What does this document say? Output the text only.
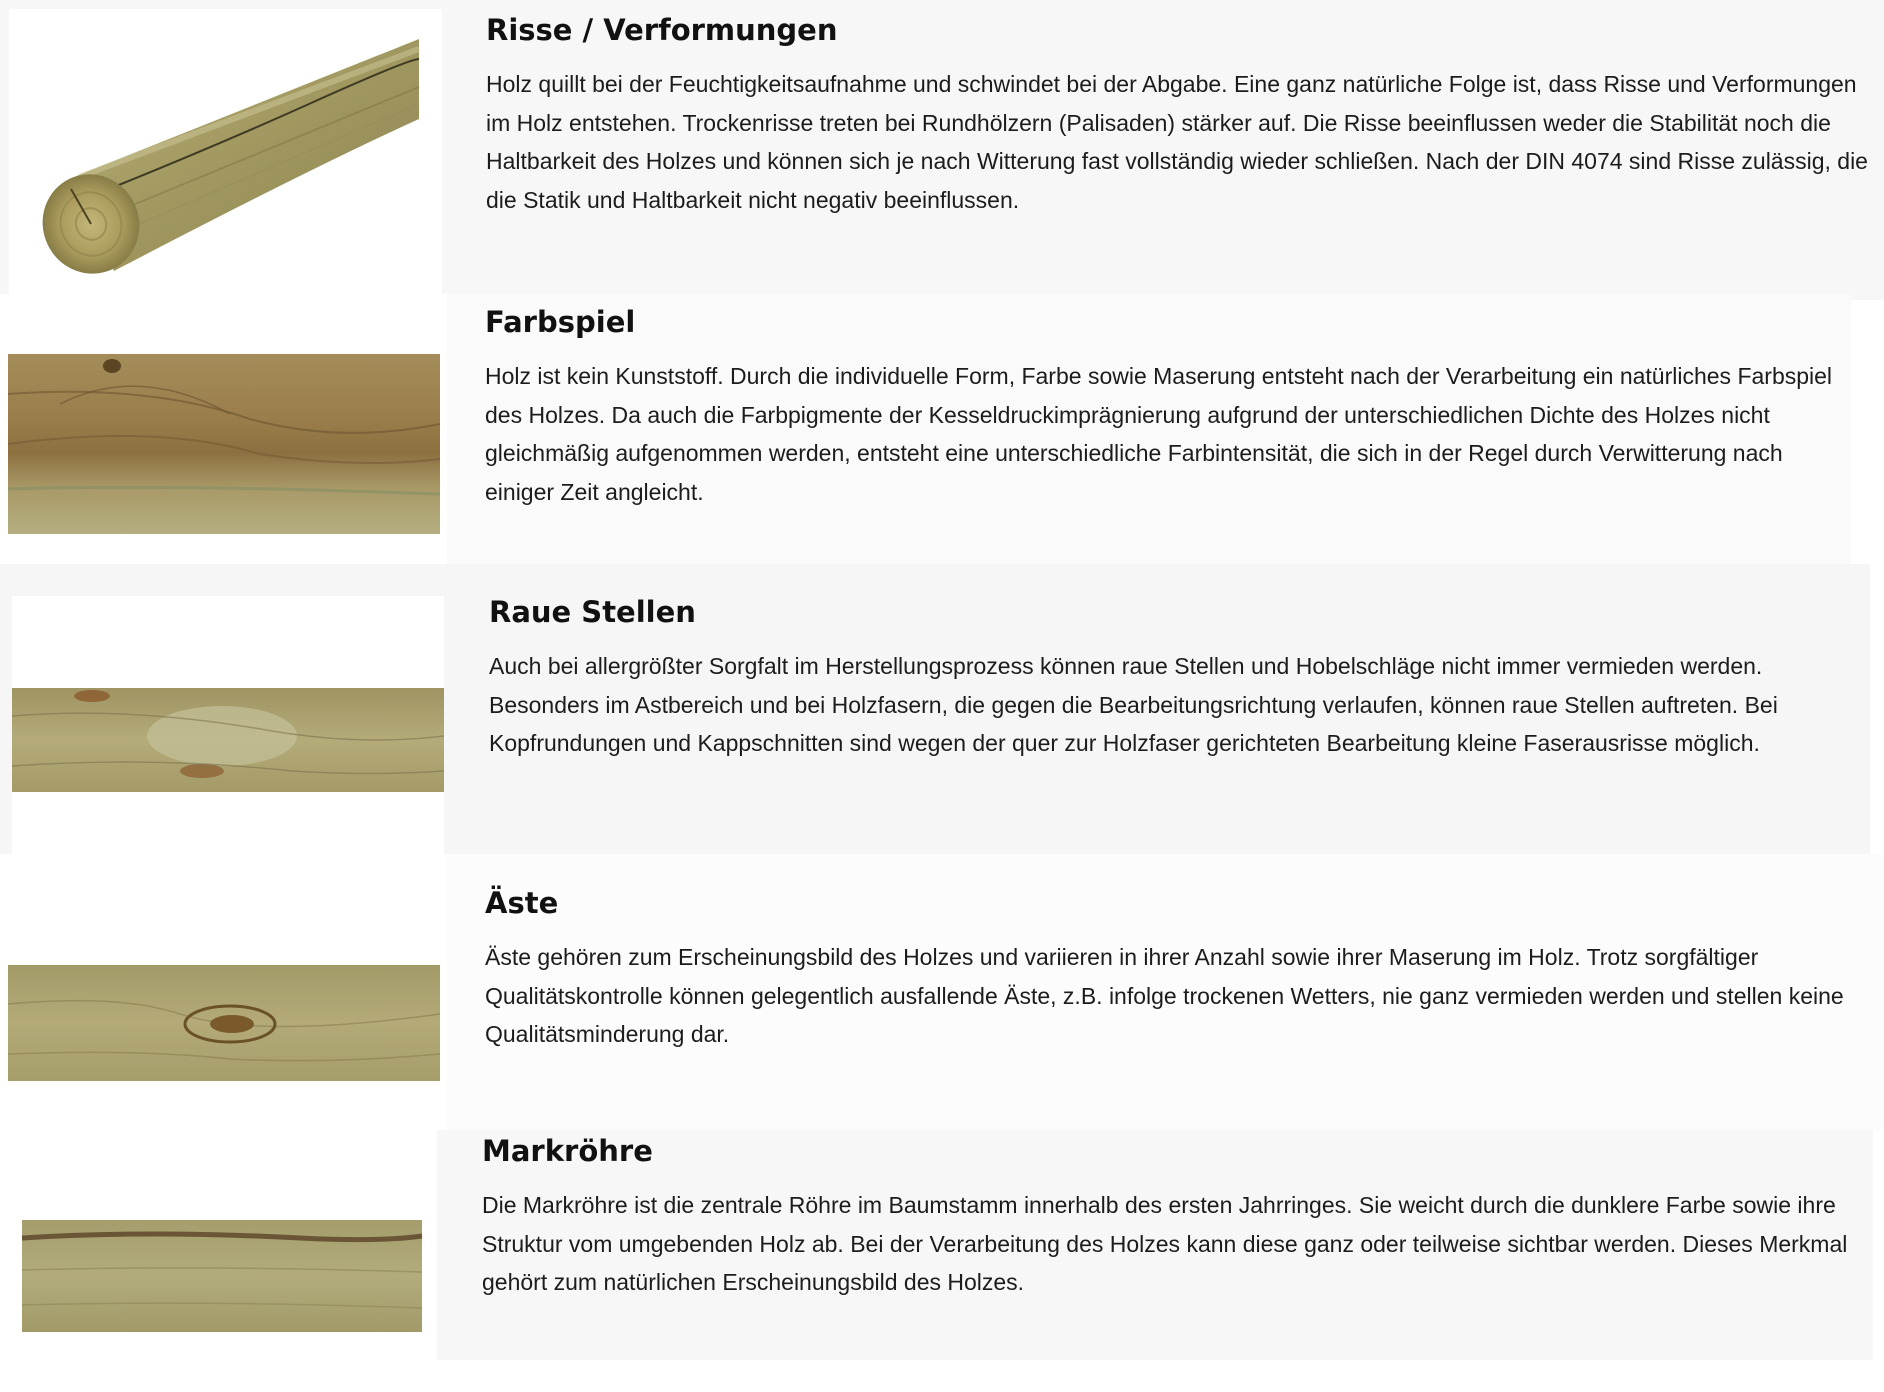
Risse / Verformungen

Holz quillt bei der Feuchtigkeitsaufnahme und schwindet bei der Abgabe. Eine ganz natürliche Folge ist, dass Risse und Verformungen im Holz entstehen. Trockenrisse treten bei Rundhölzern (Palisaden) stärker auf. Die Risse beeinflussen weder die Stabilität noch die Haltbarkeit des Holzes und können sich je nach Witterung fast vollständig wieder schließen. Nach der DIN 4074 sind Risse zulässig, die die Statik und Haltbarkeit nicht negativ beeinflussen.

Farbspiel

Holz ist kein Kunststoff. Durch die individuelle Form, Farbe sowie Maserung entsteht nach der Verarbeitung ein natürliches Farbspiel des Holzes. Da auch die Farbpigmente der Kesseldruckimprägnierung aufgrund der unterschiedlichen Dichte des Holzes nicht gleichmäßig aufgenommen werden, entsteht eine unterschiedliche Farbintensität, die sich in der Regel durch Verwitterung nach einiger Zeit angleicht.

Raue Stellen

Auch bei allergrößter Sorgfalt im Herstellungsprozess können raue Stellen und Hobelschläge nicht immer vermieden werden. Besonders im Astbereich und bei Holzfasern, die gegen die Bearbeitungsrichtung verlaufen, können raue Stellen auftreten. Bei Kopfrundungen und Kappschnitten sind wegen der quer zur Holzfaser gerichteten Bearbeitung kleine Faserausrisse möglich.

Äste

Äste gehören zum Erscheinungsbild des Holzes und variieren in ihrer Anzahl sowie ihrer Maserung im Holz. Trotz sorgfältiger Qualitätskontrolle können gelegentlich ausfallende Äste, z.B. infolge trockenen Wetters, nie ganz vermieden werden und stellen keine Qualitätsminderung dar.

Markröhre

Die Markröhre ist die zentrale Röhre im Baumstamm innerhalb des ersten Jahrringes. Sie weicht durch die dunklere Farbe sowie ihre Struktur vom umgebenden Holz ab. Bei der Verarbeitung des Holzes kann diese ganz oder teilweise sichtbar werden. Dieses Merkmal gehört zum natürlichen Erscheinungsbild des Holzes.
